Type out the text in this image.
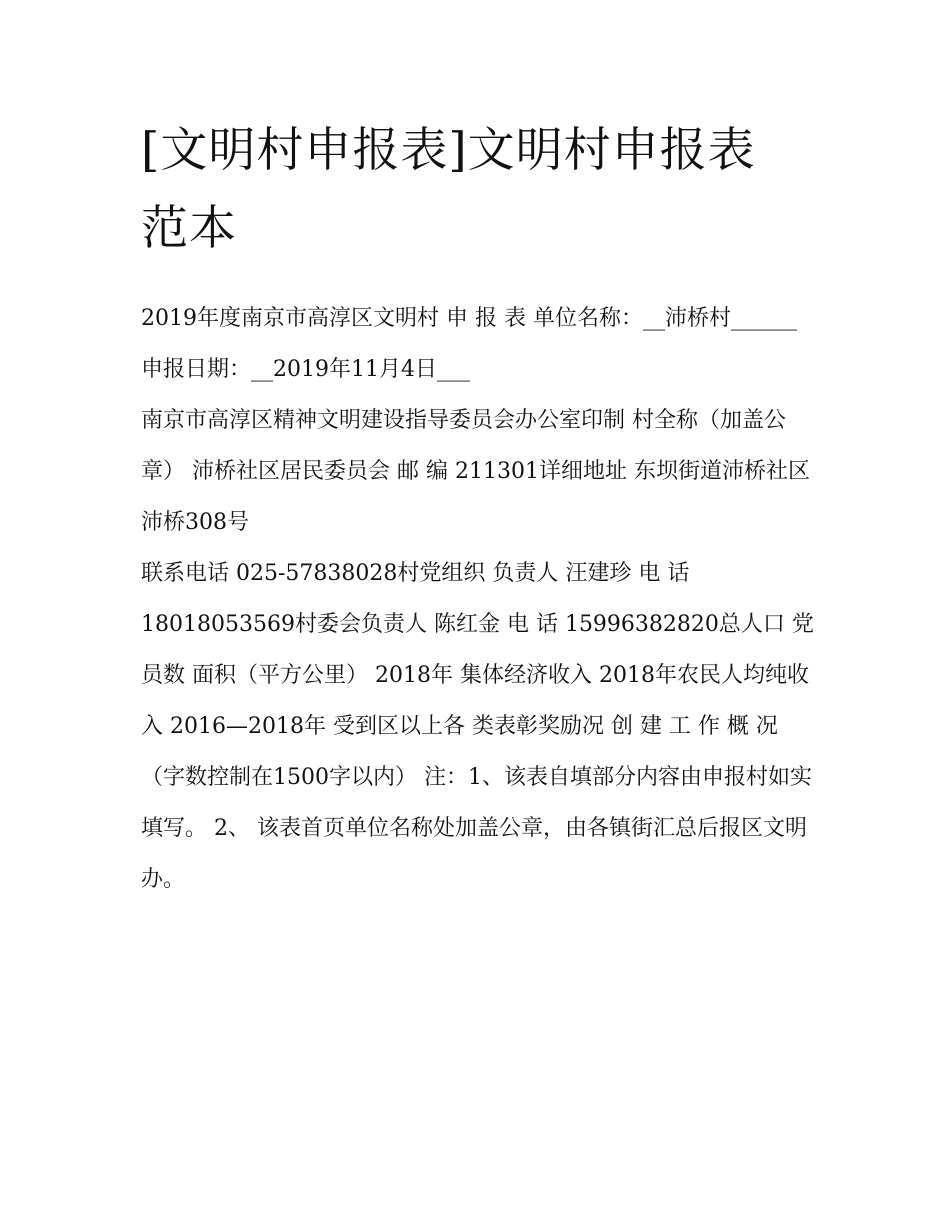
[文明村申报表]文明村申报表范本

2019年度南京市高淳区文明村 申 报 表 单位名称：__沛桥村______ 申报日期：__2019年11月4日___

南京市高淳区精神文明建设指导委员会办公室印制 村全称（加盖公章） 沛桥社区居民委员会 邮 编 211301详细地址 东坝街道沛桥社区沛桥308号

联系电话 025-57838028村党组织 负责人 汪建珍 电 话 18018053569村委会负责人 陈红金 电 话 15996382820总人口 党员数 面积（平方公里） 2018年 集体经济收入 2018年农民人均纯收入 2016—2018年 受到区以上各 类表彰奖励况 创 建 工 作 概 况

（字数控制在1500字以内） 注：1、该表自填部分内容由申报村如实填写。 2、 该表首页单位名称处加盖公章，由各镇街汇总后报区文明办。
